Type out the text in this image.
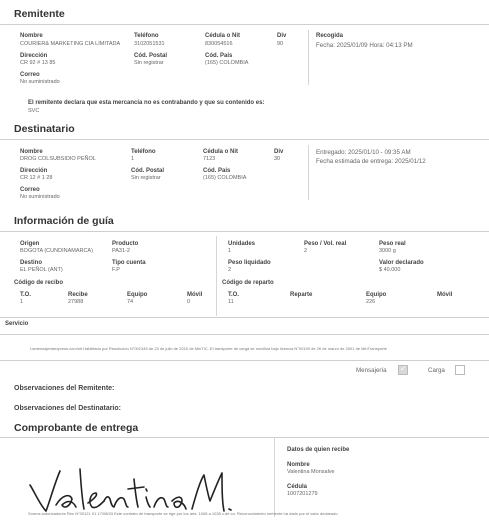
Remitente
Nombre
COURIER& MARKETING CIA LIMITADA
Teléfono
3102051531
Cédula o Nit
830054516
Div
90
Dirección
CR 92 # 13 85
Cód. Postal
Sin registrar
Cód. País
(165) COLOMBIA
Correo
No suministrado
Recogida
Fecha: 2025/01/09 Hora: 04:13 PM
El remitente declara que esta mercancía no es contrabando y que su contenido es:
SVC
Destinatario
Nombre
DROG COLSUBSIDIO PEÑOL
Teléfono
1
Cédula o Nit
7123
Div
30
Dirección
CR 12 # 1 28
Cód. Postal
Sin registrar
Cód. País
(165) COLOMBIA
Correo
No suministrado
Entregado: 2025/01/10 - 09:35 AM
Fecha estimada de entrega: 2025/01/12
Información de guía
Origen
BOGOTA (CUNDINAMARCA)
Producto
PA31-2
Destino
EL PEÑOL (ANT)
Tipo cuenta
F.P
Unidades
1
Peso / Vol. real
2
Peso real
3000 g
Peso liquidado
2
Valor declarado
$ 40.000
Código de recibo
T.O.	Recibe	Equipo	Móvil
1	27988	74	0
Código de reparto
T.O.	Reparte	Equipo	Móvil
11	226
Servicio
Lamensajeriaexpress.com/nit Habilitado por Resolución N°001345 de 23 de julio de 2010 de MinTIC. El transporte de carga se moviliza bajo licencia N°00109 de 26 de marzo de 2001 de MinTransporte
Mensajería
✓	Carga
Observaciones del Remitente:
Observaciones del Destinatario:
Comprobante de entrega
Datos de quien recibe
Nombre
Valentina Monsalve
Cédula
1007201279
Somos autorizadores Res N°00121 01 17/08/33 Este contrato de transporte se rige por los arts. 1008 a 1035 c.de co. Reconocimiento nemente ha dado por el valor declarado
